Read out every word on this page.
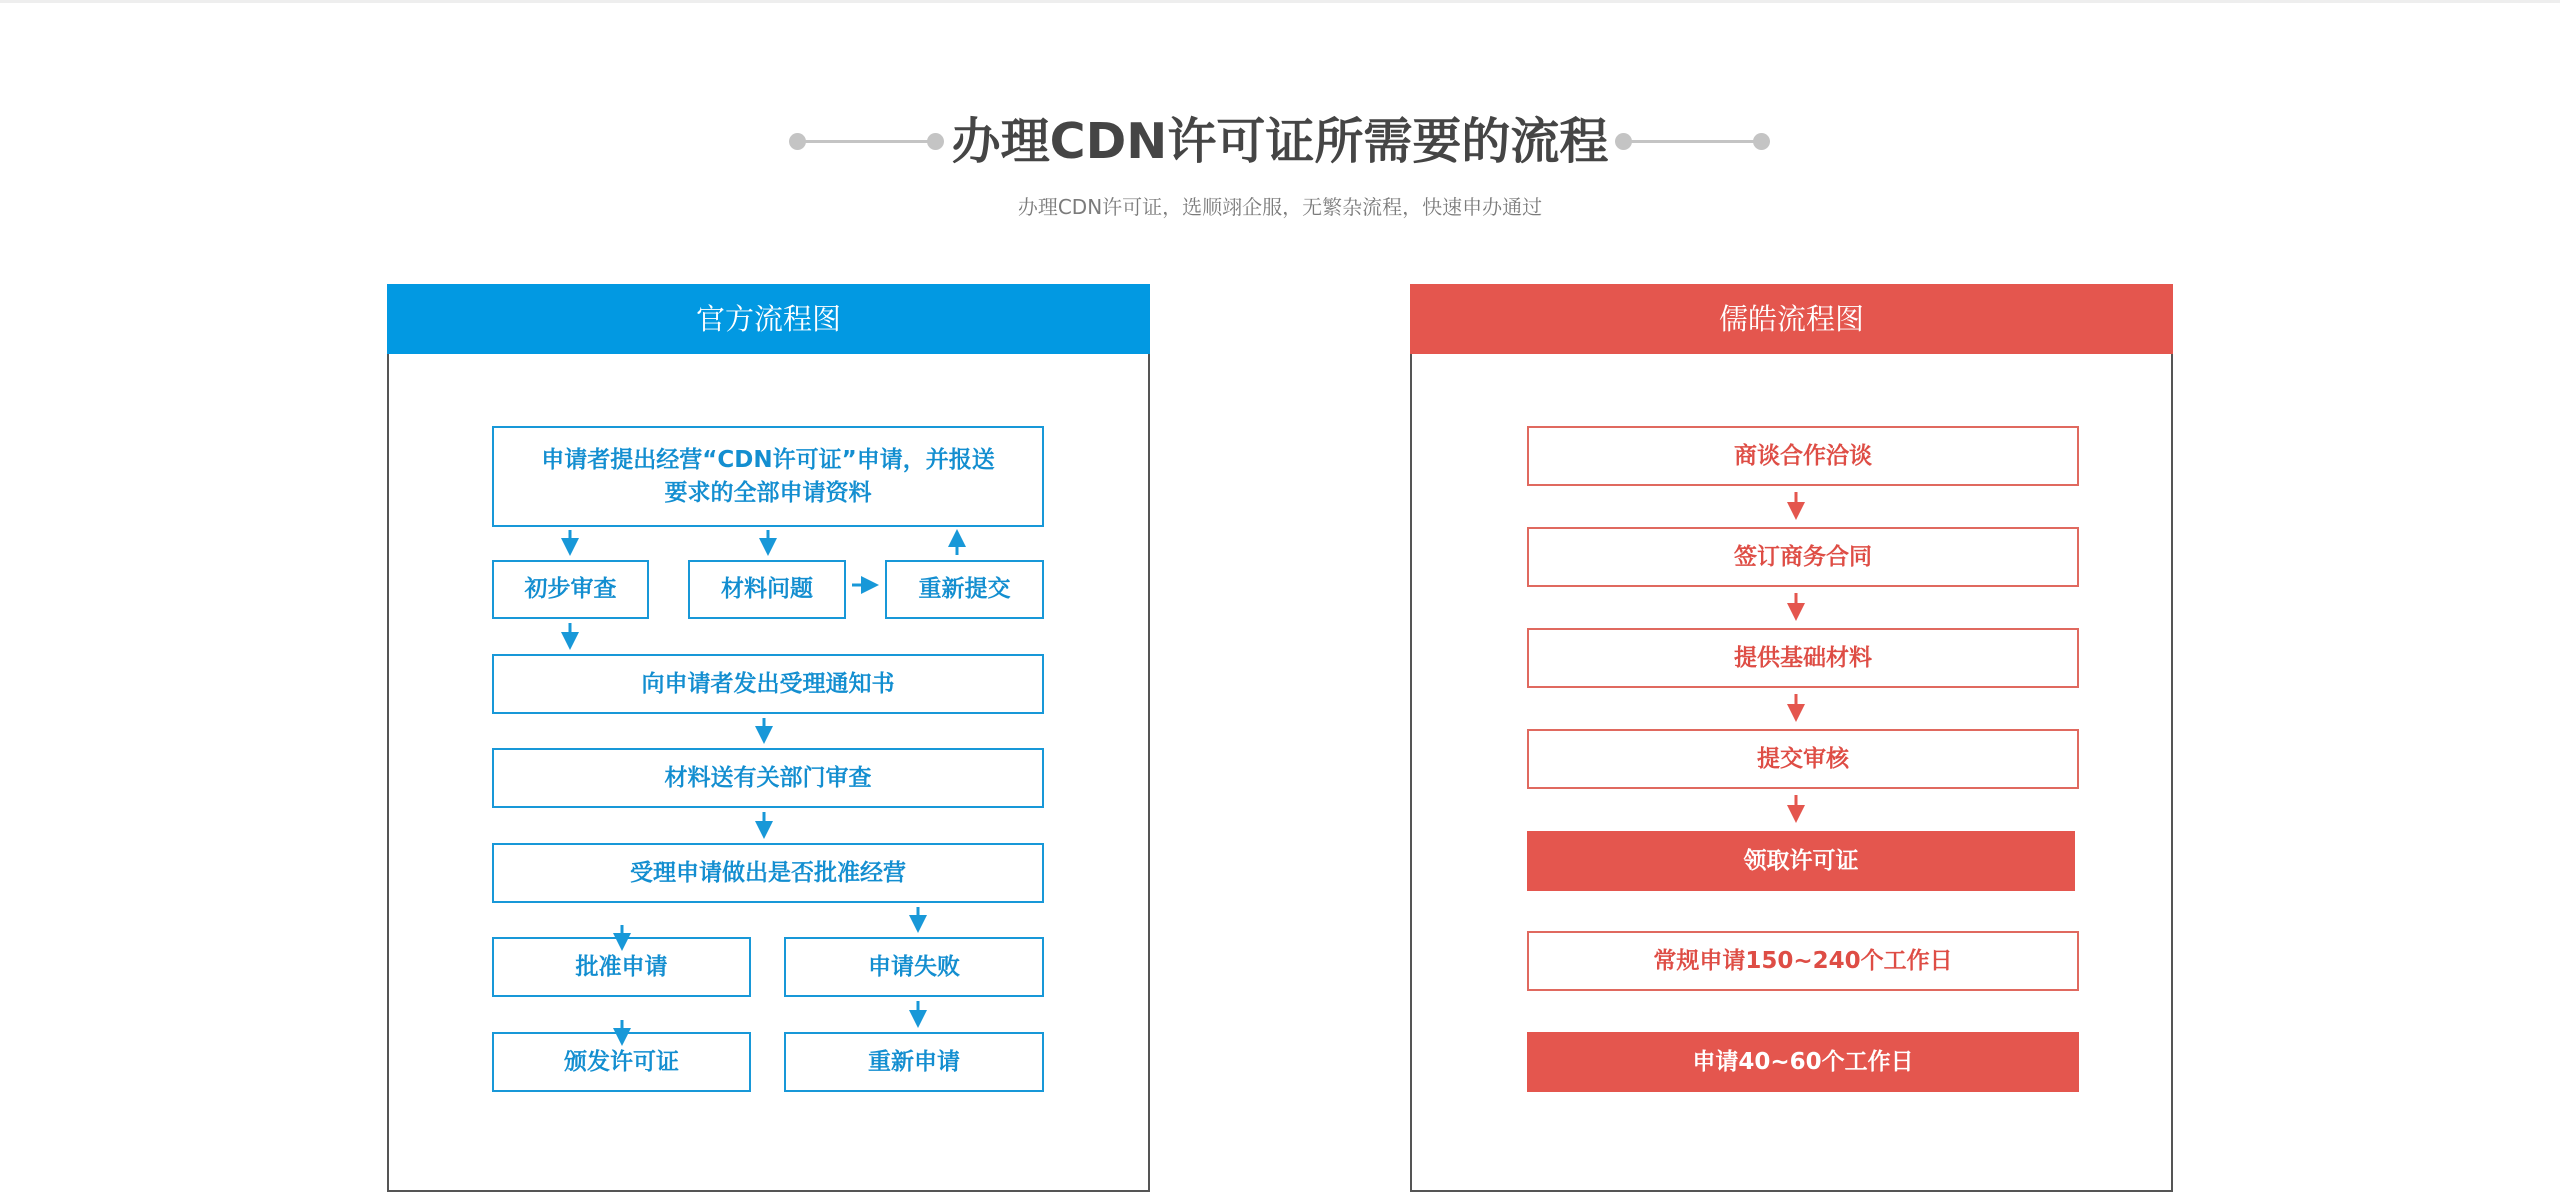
办理CDN许可证所需要的流程

办理CDN许可证，选顺翊企服，无繁杂流程，快速申办通过

官方流程图
申请者提出经营“CDN许可证”申请，并报送要求的全部申请资料
初步审查	材料问题	重新提交
向申请者发出受理通知书
材料送有关部门审查
受理申请做出是否批准经营
批准申请	申请失败
颁发许可证	重新申请
儒皓流程图
商谈合作洽谈
签订商务合同
提供基础材料
提交审核
领取许可证
常规申请150~240个工作日
申请40~60个工作日
